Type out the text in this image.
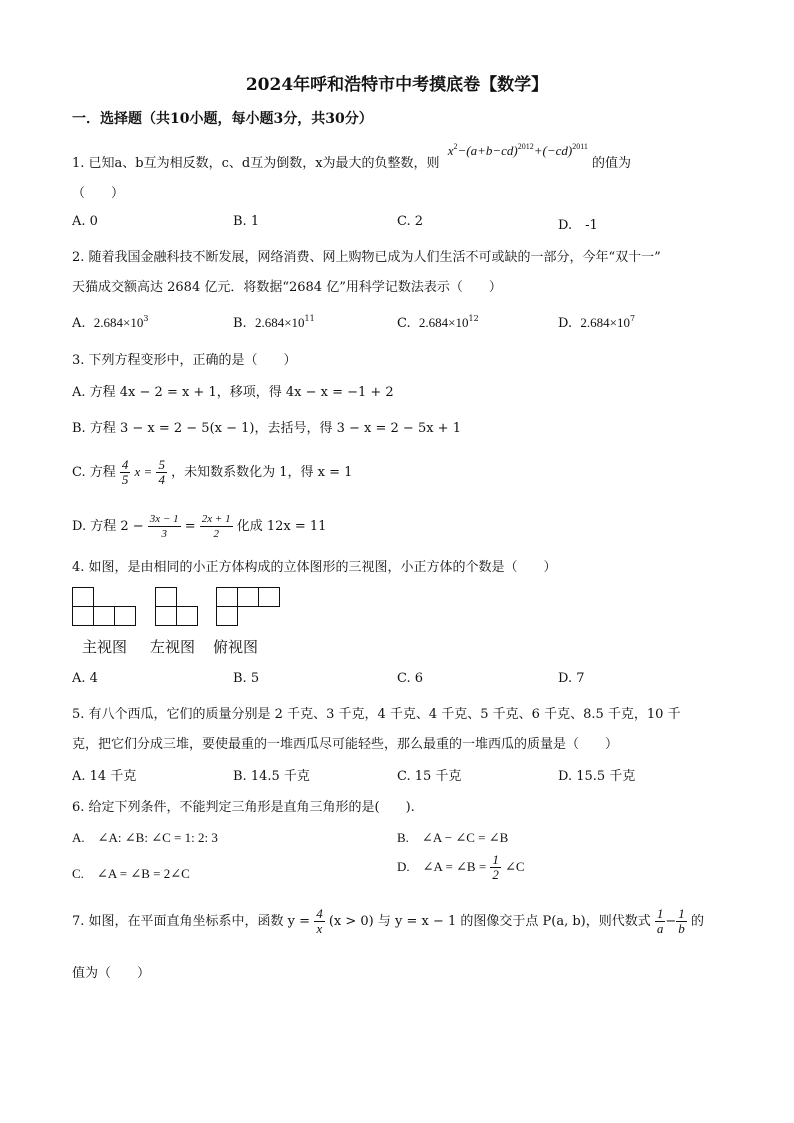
2024年呼和浩特市中考摸底卷【数学】
一．选择题（共10小题，每小题3分，共30分）
1. 已知a、b互为相反数，c、d互为倒数，x为最大的负整数，则 $x^2-(a+b-cd)^{2012}+(-cd)^{2011}$ 的值为
（　　）
A. 0	B. 1	C. 2	D.　-1
2. 随着我国金融科技不断发展，网络消费、网上购物已成为人们生活不可或缺的一部分，今年“双十一”
天猫成交额高达 2684 亿元．将数据“2684 亿”用科学记数法表示（　　）
A. $2.684\times 10^3$	B. $2.684\times 10^{11}$	C. $2.684\times 10^{12}$	D. $2.684\times 10^7$
3. 下列方程变形中，正确的是（　　）
A. 方程 4x − 2 = x + 1，移项，得 4x − x = −1 + 2
B. 方程 3 − x = 2 − 5(x − 1)，去括号，得 3 − x = 2 − 5x + 1
C. 方程 $\frac{4}{5}$ $x = \frac{5}{4}$ ，未知数系数化为 1，得 x = 1
D. 方程 $2 - \frac{3x - 1}{3} = \frac{2x + 1}{2}$ 化成 12x = 11
4. 如图，是由相同的小正方体构成的立体图形的三视图，小正方体的个数是（　　）
主视图 左视图 俯视图
A. 4	B. 5	C. 6	D. 7
5. 有八个西瓜，它们的质量分别是 2 千克、3 千克，4 千克、4 千克、5 千克、6 千克、8.5 千克，10 千
克，把它们分成三堆，要使最重的一堆西瓜尽可能轻些，那么最重的一堆西瓜的质量是（　　）
A. 14 千克	B. 14.5 千克	C. 15 千克	D. 15.5 千克
6. 给定下列条件，不能判定三角形是直角三角形的是(　　).
A.　∠A: ∠B: ∠C = 1: 2: 3	B.　∠A − ∠C = ∠B
C.　∠A = ∠B = 2∠C	D.　∠A = ∠B = $\frac{1}{2}$ ∠C
7. 如图，在平面直角坐标系中，函数 $y = \frac{4}{x} (x > 0)$ 与 y = x − 1 的图像交于点 P(a, b)，则代数式 $\frac{1}{a} - \frac{1}{b}$ 的
值为（　　）
